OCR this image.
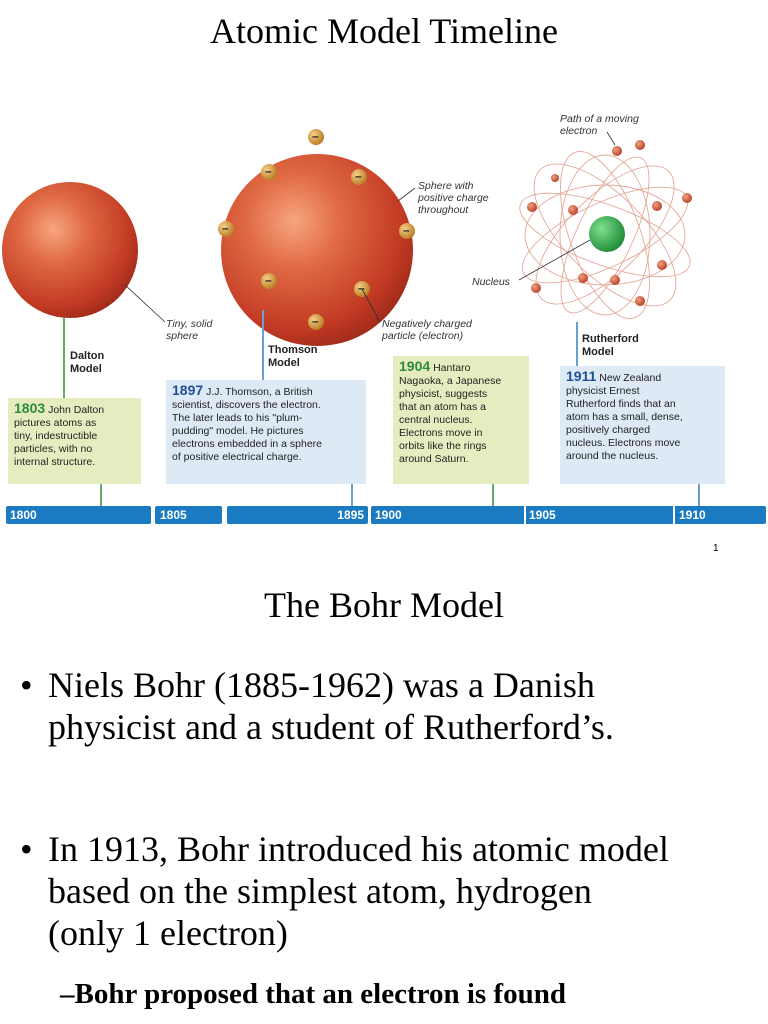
Atomic Model Timeline
–
–	–
–	–
–
–
–
Tiny, solid
sphere
Sphere with
positive charge
throughout
Negatively charged
particle (electron)
Path of a moving
electron
Nucleus
Dalton
Model
Thomson
Model
Rutherford
Model
1803 John Dalton
pictures atoms as
tiny, indestructible
particles, with no
internal structure.
1897 J.J. Thomson, a British
scientist, discovers the electron.
The later leads to his "plum-
pudding" model. He pictures
electrons embedded in a sphere
of positive electrical charge.
1904 Hantaro
Nagaoka, a Japanese
physicist, suggests
that an atom has a
central nucleus.
Electrons move in
orbits like the rings
around Saturn.
1911 New Zealand
physicist Ernest
Rutherford finds that an
atom has a small, dense,
positively charged
nucleus. Electrons move
around the nucleus.
1800	1805	1895 1900	1905	1910
1
The Bohr Model
• Niels Bohr (1885-1962) was a Danish
physicist and a student of Rutherford’s.
• In 1913, Bohr introduced his atomic model
based on the simplest atom, hydrogen
(only 1 electron)
–Bohr proposed that an electron is found
